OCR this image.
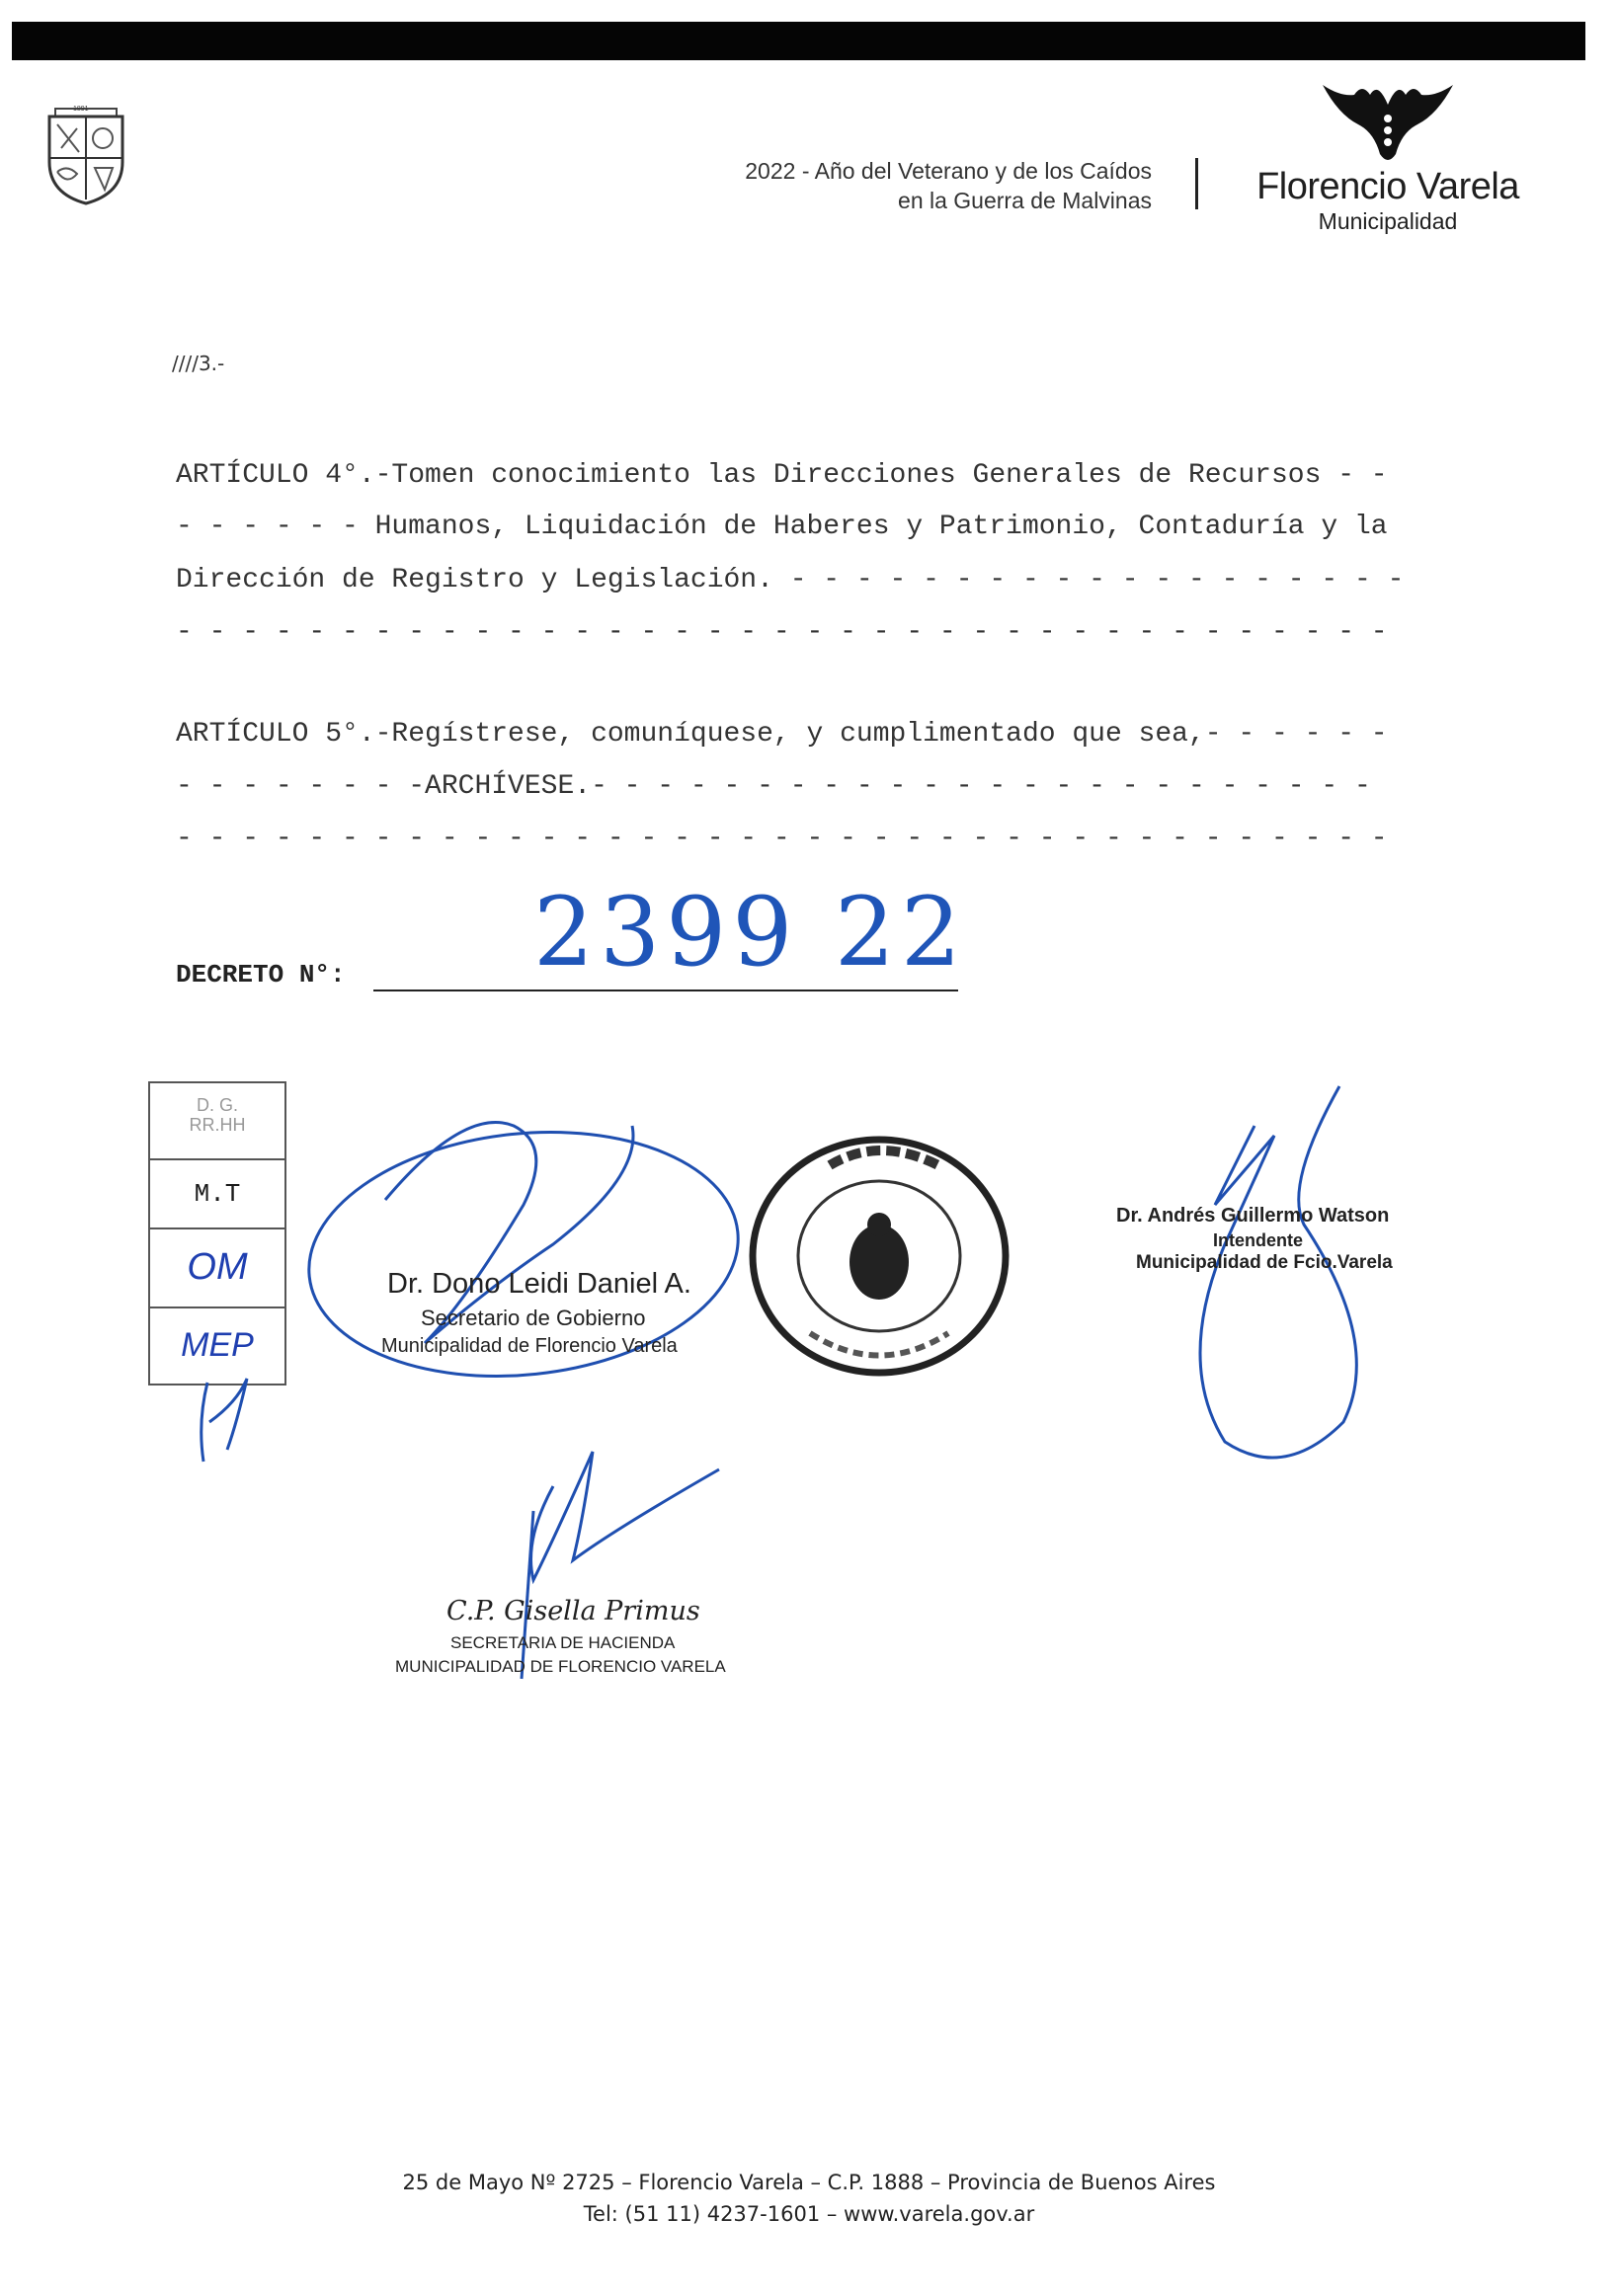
1891
2022 - Año del Veterano y de los Caídos
en la Guerra de Malvinas	Florencio Varela
Municipalidad
////3.-
ARTÍCULO 4°.-Tomen conocimiento las Direcciones Generales de Recursos - -
- - - - - - Humanos, Liquidación de Haberes y Patrimonio, Contaduría y la
Dirección de Registro y Legislación. - - - - - - - - - - - - - - - - - - -
- - - - - - - - - - - - - - - - - - - - - - - - - - - - - - - - - - - - -
ARTÍCULO 5°.-Regístrese, comuníquese, y cumplimentado que sea,- - - - - -
- - - - - - - -ARCHÍVESE.- - - - - - - - - - - - - - - - - - - - - - - -
- - - - - - - - - - - - - - - - - - - - - - - - - - - - - - - - - - - - -
DECRETO N°: 2399 22
D. G.
RR.HH
M.T
OM
MEP
Dr. Dono Leidi Daniel A.
Secretario de Gobierno
Municipalidad de Florencio Varela
Dr. Andrés Guillermo Watson
Intendente
Municipalidad de Fcio.Varela
C.P. Gisella Primus
SECRETARIA DE HACIENDA
MUNICIPALIDAD DE FLORENCIO VARELA
25 de Mayo Nº 2725 – Florencio Varela – C.P. 1888 – Provincia de Buenos Aires
Tel: (51 11) 4237-1601 – www.varela.gov.ar
